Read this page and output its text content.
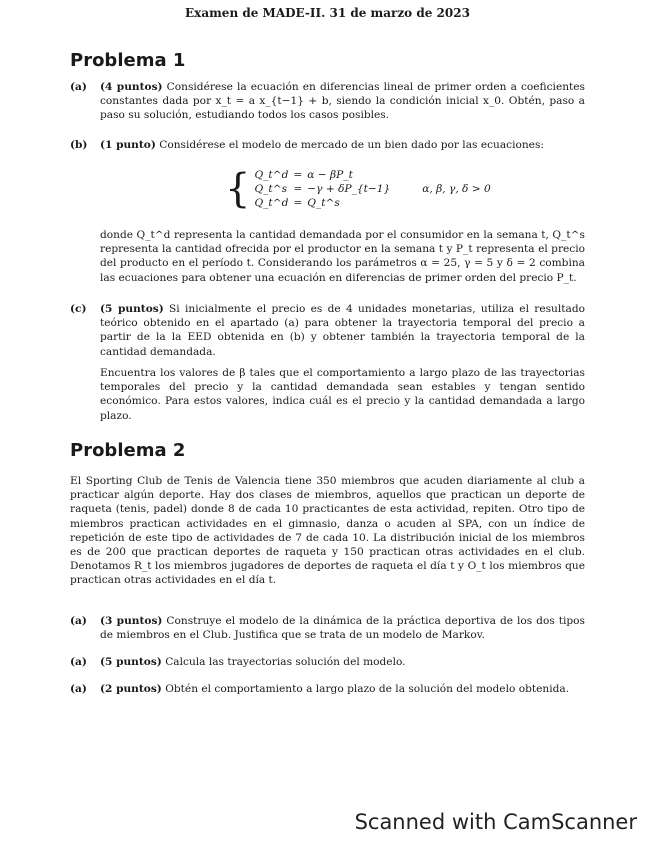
Examen de MADE-II. 31 de marzo de 2023
Problema 1
(a)	(4 puntos) Considérese la ecuación en diferencias lineal de primer orden a coeficientes constantes dada por x_t = a x_{t−1} + b, siendo la condición inicial x_0. Obtén, paso a paso su solución, estudiando todos los casos posibles.
(b)	(1 punto) Considérese el modelo de mercado de un bien dado por las ecuaciones:
{ Q_t^d = α − βP_t
Q_t^s = −γ + δP_{t−1}
Q_t^d = Q_t^s
α, β, γ, δ > 0
donde Q_t^d representa la cantidad demandada por el consumidor en la semana t, Q_t^s representa la cantidad ofrecida por el productor en la semana t y P_t representa el precio del producto en el período t. Considerando los parámetros α = 25, γ = 5 y δ = 2 combina las ecuaciones para obtener una ecuación en diferencias de primer orden del precio P_t.
(c)	(5 puntos) Si inicialmente el precio es de 4 unidades monetarias, utiliza el resultado teórico obtenido en el apartado (a) para obtener la trayectoria temporal del precio a partir de la la EED obtenida en (b) y obtener también la trayectoria temporal de la cantidad demandada.
Encuentra los valores de β tales que el comportamiento a largo plazo de las trayectorias temporales del precio y la cantidad demandada sean estables y tengan sentido económico. Para estos valores, indica cuál es el precio y la cantidad demandada a largo plazo.
Problema 2
El Sporting Club de Tenis de Valencia tiene 350 miembros que acuden diariamente al club a practicar algún deporte. Hay dos clases de miembros, aquellos que practican un deporte de raqueta (tenis, padel) donde 8 de cada 10 practicantes de esta actividad, repiten. Otro tipo de miembros practican actividades en el gimnasio, danza o acuden al SPA, con un índice de repetición de este tipo de actividades de 7 de cada 10. La distribución inicial de los miembros es de 200 que practican deportes de raqueta y 150 practican otras actividades en el club. Denotamos R_t los miembros jugadores de deportes de raqueta el día t y O_t los miembros que practican otras actividades en el día t.
(a)	(3 puntos) Construye el modelo de la dinámica de la práctica deportiva de los dos tipos de miembros en el Club. Justifica que se trata de un modelo de Markov.
(a)	(5 puntos) Calcula las trayectorias solución del modelo.
(a)	(2 puntos) Obtén el comportamiento a largo plazo de la solución del modelo obtenida.
Scanned with CamScanner
